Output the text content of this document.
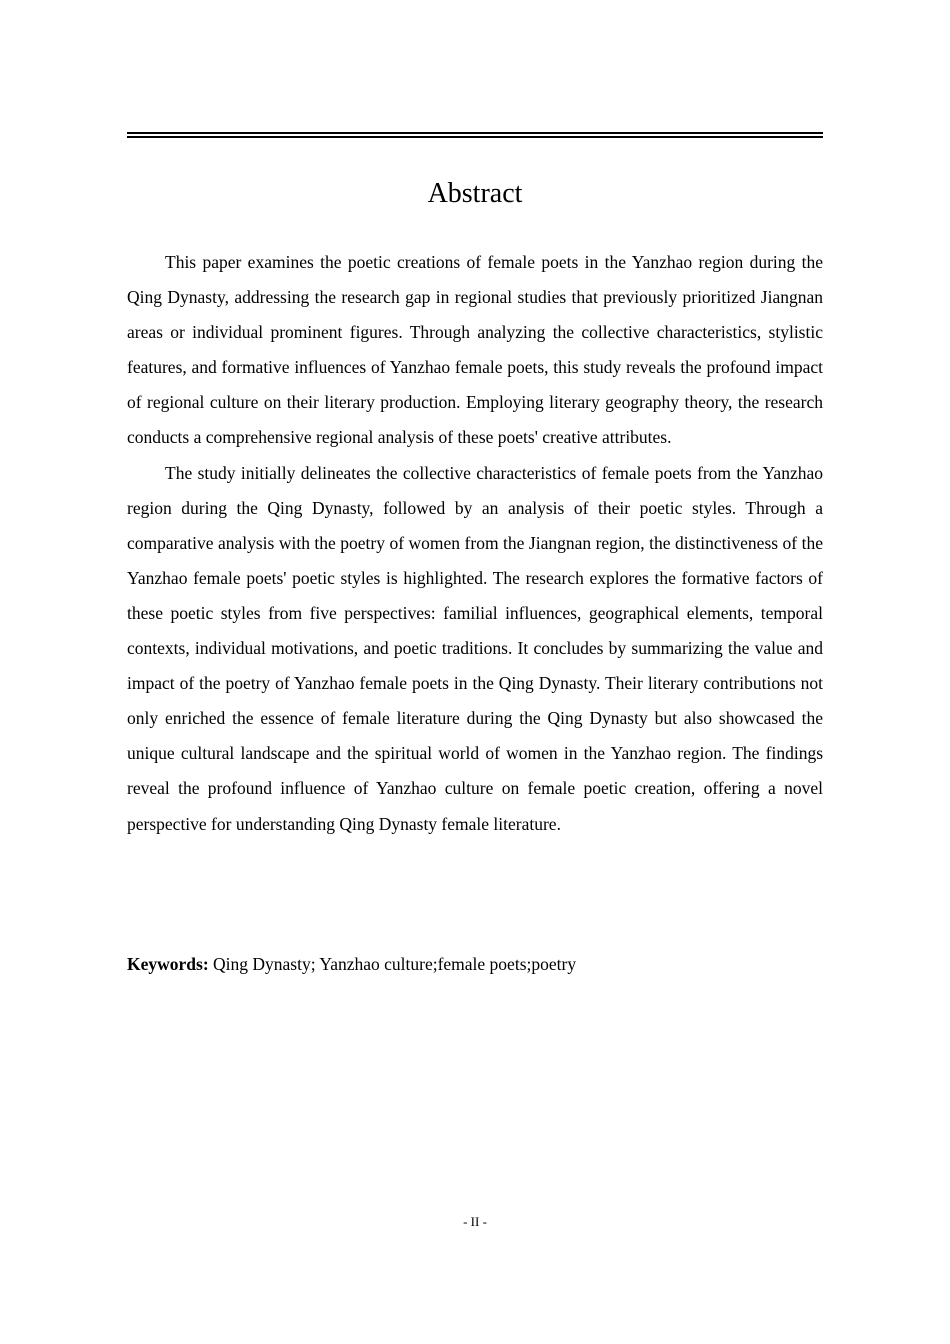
Abstract

This paper examines the poetic creations of female poets in the Yanzhao region during the Qing Dynasty, addressing the research gap in regional studies that previously prioritized Jiangnan areas or individual prominent figures. Through analyzing the collective characteristics, stylistic features, and formative influences of Yanzhao female poets, this study reveals the profound impact of regional culture on their literary production. Employing literary geography theory, the research conducts a comprehensive regional analysis of these poets' creative attributes.

The study initially delineates the collective characteristics of female poets from the Yanzhao region during the Qing Dynasty, followed by an analysis of their poetic styles. Through a comparative analysis with the poetry of women from the Jiangnan region, the distinctiveness of the Yanzhao female poets' poetic styles is highlighted. The research explores the formative factors of these poetic styles from five perspectives: familial influences, geographical elements, temporal contexts, individual motivations, and poetic traditions. It concludes by summarizing the value and impact of the poetry of Yanzhao female poets in the Qing Dynasty. Their literary contributions not only enriched the essence of female literature during the Qing Dynasty but also showcased the unique cultural landscape and the spiritual world of women in the Yanzhao region. The findings reveal the profound influence of Yanzhao culture on female poetic creation, offering a novel perspective for understanding Qing Dynasty female literature.

Keywords: Qing Dynasty; Yanzhao culture;female poets;poetry
- II -
